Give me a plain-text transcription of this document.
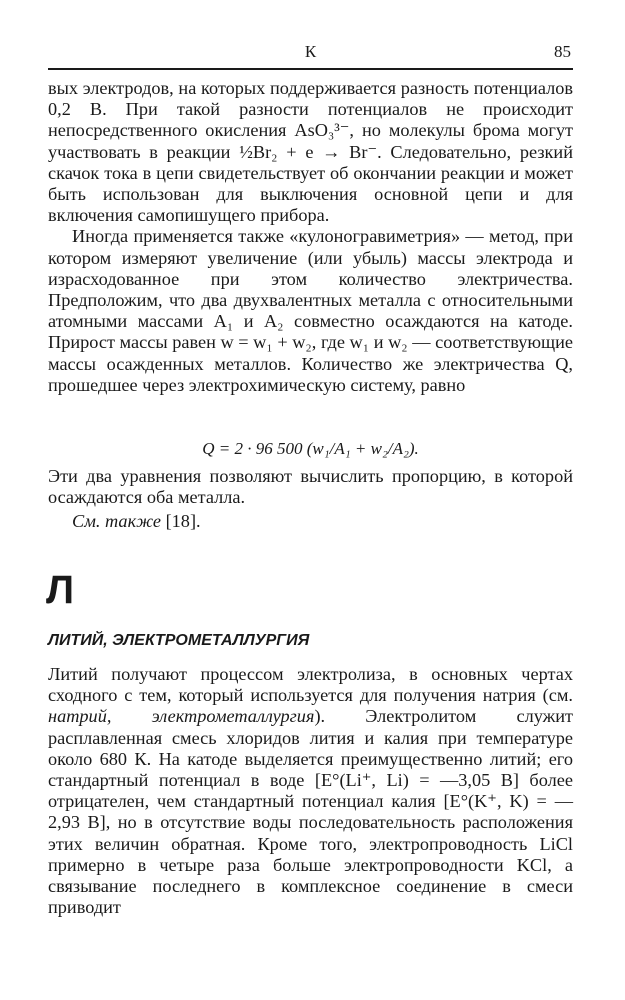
К	85

вых электродов, на которых поддерживается разность потенциалов 0,2 В. При такой разности потенциалов не происходит непосредственного окисления AsO₃³⁻, но молекулы брома могут участвовать в реакции ½Br₂ + e → Br⁻. Следовательно, резкий скачок тока в цепи свидетельствует об окончании реакции и может быть использован для выключения основной цепи и для включения самопишущего прибора.

Иногда применяется также «кулоногравиметрия» — метод, при котором измеряют увеличение (или убыль) массы электрода и израсходованное при этом количество электричества. Предположим, что два двухвалентных металла с относительными атомными массами A₁ и A₂ совместно осаждаются на катоде. Прирост массы равен w = w₁ + w₂, где w₁ и w₂ — соответствующие массы осажденных металлов. Количество же электричества Q, прошедшее через электрохимическую систему, равно

Q = 2 · 96 500 (w₁/A₁ + w₂/A₂).

Эти два уравнения позволяют вычислить пропорцию, в которой осаждаются оба металла.

См. также [18].
Л
ЛИТИЙ, ЭЛЕКТРОМЕТАЛЛУРГИЯ

Литий получают процессом электролиза, в основных чертах сходного с тем, который используется для получения натрия (см. натрий, электрометаллургия). Электролитом служит расплавленная смесь хлоридов лития и калия при температуре около 680 К. На катоде выделяется преимущественно литий; его стандартный потенциал в воде [E°(Li⁺, Li) = —3,05 В] более отрицателен, чем стандартный потенциал калия [E°(K⁺, K) = —2,93 В], но в отсутствие воды последовательность расположения этих величин обратная. Кроме того, электропроводность LiCl примерно в четыре раза больше электропроводности KCl, а связывание последнего в комплексное соединение в смеси приводит
